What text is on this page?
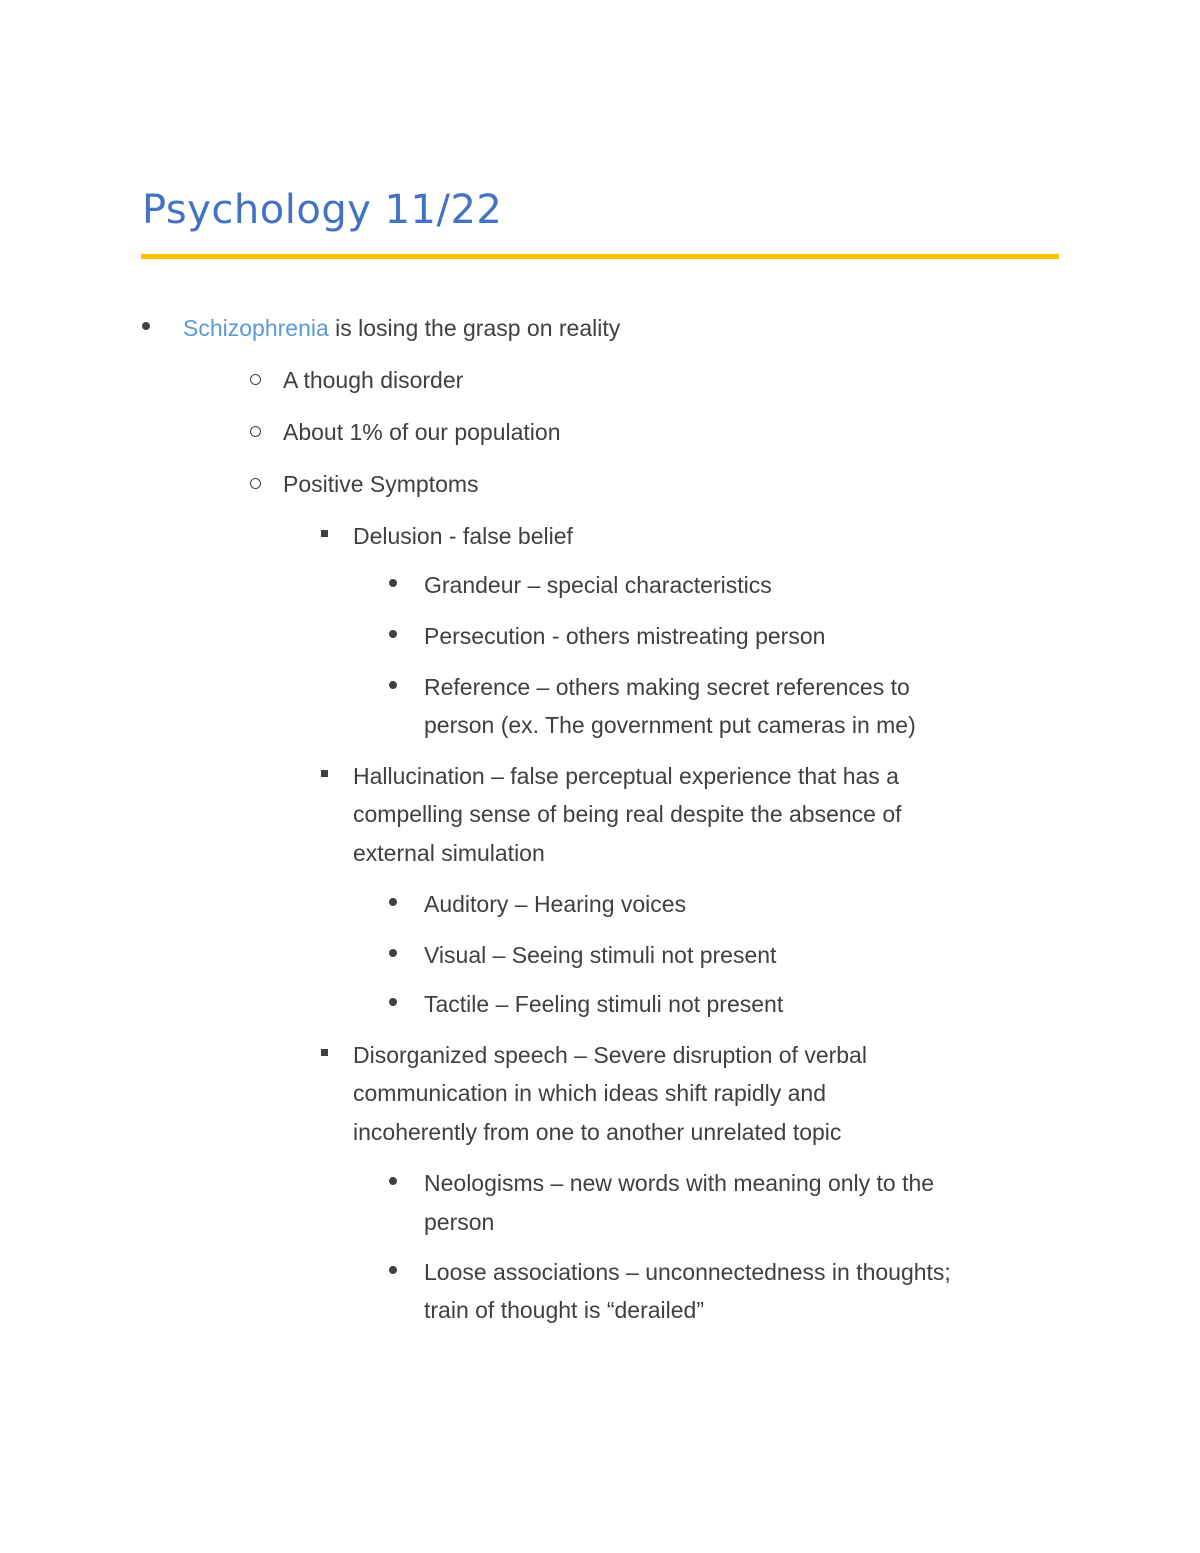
Psychology 11/22
Schizophrenia is losing the grasp on reality
A though disorder
About 1% of our population
Positive Symptoms
Delusion - false belief
Grandeur – special characteristics
Persecution - others mistreating person
Reference – others making secret references to
person (ex. The government put cameras in me)
Hallucination – false perceptual experience that has a
compelling sense of being real despite the absence of
external simulation
Auditory – Hearing voices
Visual – Seeing stimuli not present
Tactile – Feeling stimuli not present
Disorganized speech – Severe disruption of verbal
communication in which ideas shift rapidly and
incoherently from one to another unrelated topic
Neologisms – new words with meaning only to the
person
Loose associations – unconnectedness in thoughts;
train of thought is “derailed”
